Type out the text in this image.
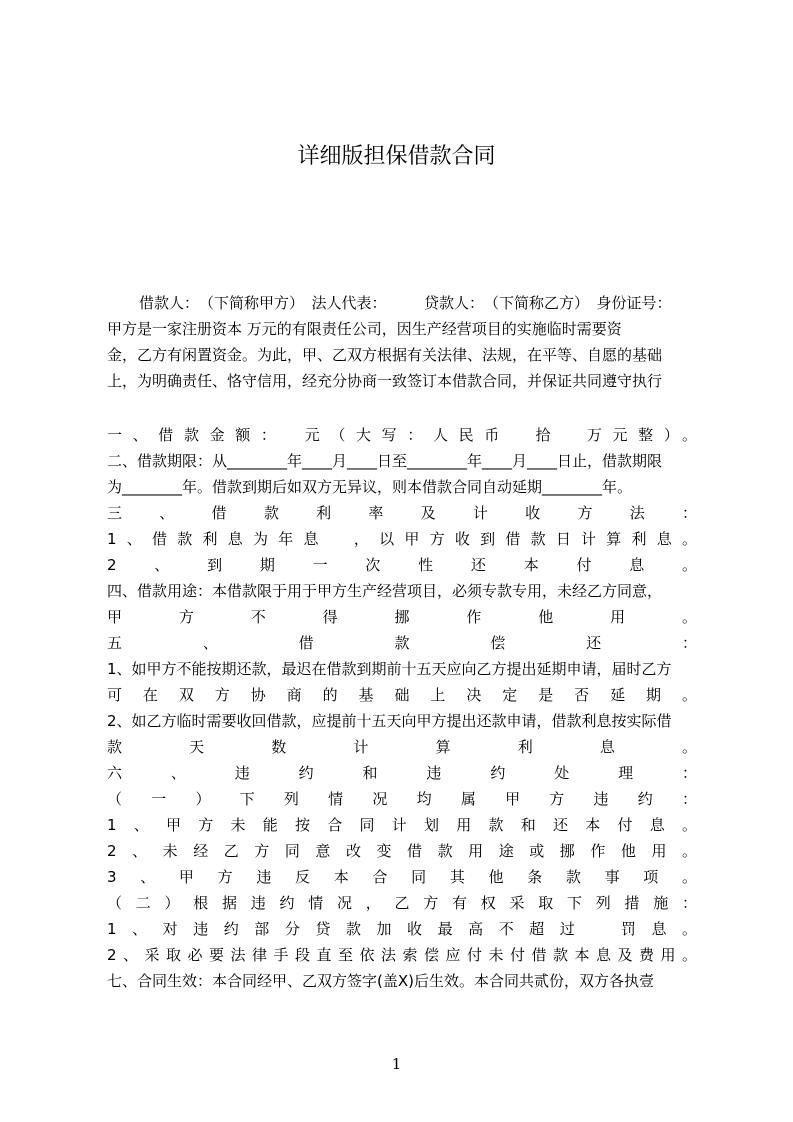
详细版担保借款合同
借款人：　（下简称甲方）　法人代表：　　　贷款人：　（下简称乙方）　身份证号：
甲方是一家注册资本 万元的有限责任公司，因生产经营项目的实施临时需要资
金，乙方有闲置资金。为此，甲、乙双方根据有关法律、法规，在平等、自愿的基础
上，为明确责任、恪守信用，经充分协商一致签订本借款合同，并保证共同遵守执行
一、借款金额：　元（大写：人民币　拾　万元整）。
二、借款期限：从________年____月____日至________年____月____日止，借款期限
为________年。借款到期后如双方无异议，则本借款合同自动延期________年。
三、借款利率及计收方法：
1、借款利息为年息　，以甲方收到借款日计算利息。
2、到期一次性还本付息。
四、借款用途：本借款限于用于甲方生产经营项目，必须专款专用，未经乙方同意，
甲方不得挪作他用。
五、借款偿还：
1、如甲方不能按期还款，最迟在借款到期前十五天应向乙方提出延期申请，届时乙方
可在双方协商的基础上决定是否延期。
2、如乙方临时需要收回借款，应提前十五天向甲方提出还款申请，借款利息按实际借
款天数计算利息。
六、违约和违约处理：
（一）下列情况均属甲方违约：
1、甲方未能按合同计划用款和还本付息。
2、未经乙方同意改变借款用途或挪作他用。
3、甲方违反本合同其他条款事项。
（二）根据违约情况，乙方有权采取下列措施：
1、对违约部分贷款加收最高不超过　罚息。
2、采取必要法律手段直至依法索偿应付未付借款本息及费用。
七、合同生效：本合同经甲、乙双方签字(盖X)后生效。本合同共贰份，双方各执壹
1
